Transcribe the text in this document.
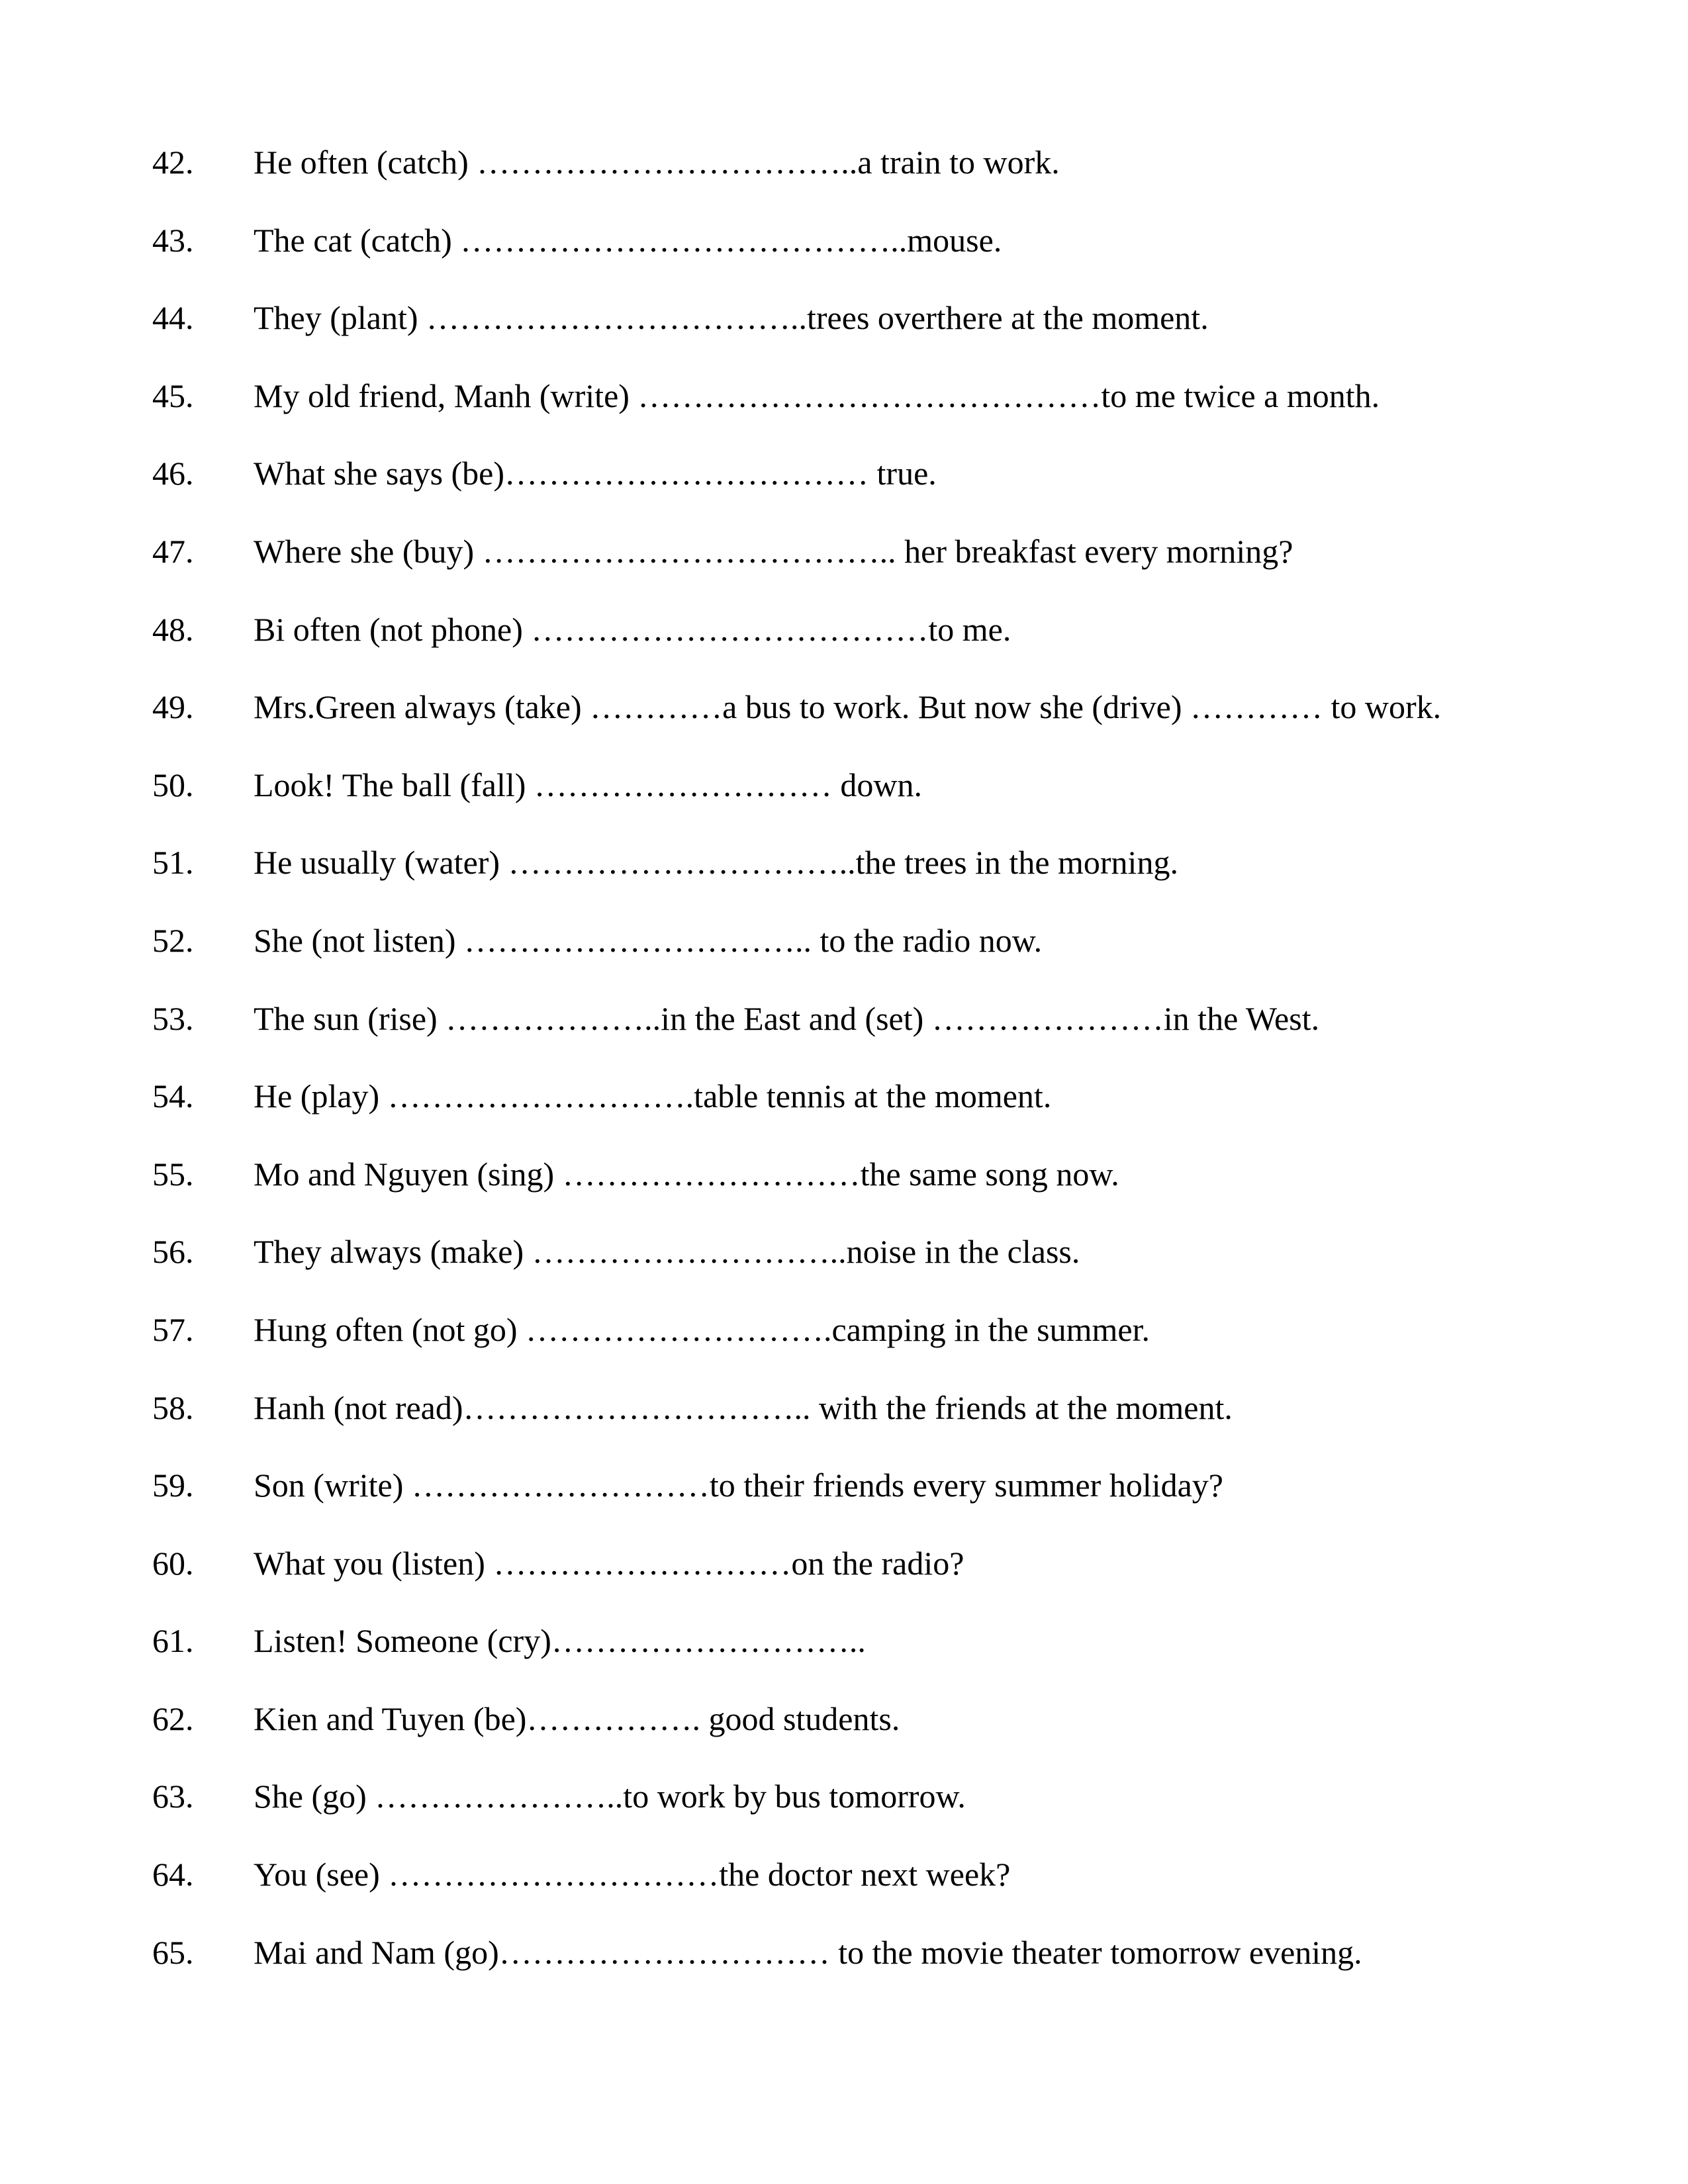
42. He often (catch) ……………………………..a train to work.
43. The cat (catch) …………………………………..mouse.
44. They (plant) ……………………………..trees overthere at the moment.
45. My old friend, Manh (write) ……………………………………to me twice a month.
46. What she says (be)…………………………… true.
47. Where she (buy) ……………………………….. her breakfast every morning?
48. Bi often (not phone) ………………………………to me.
49. Mrs.Green always (take) …………a bus to work. But now she (drive) ………… to work.
50. Look! The ball (fall) ……………………… down.
51. He usually (water) …………………………..the trees in the morning.
52. She (not listen) ………………………….. to the radio now.
53. The sun (rise) ………………..in the East and (set) …………………in the West.
54. He (play) ……………………….table tennis at the moment.
55. Mo and Nguyen (sing) ………………………the same song now.
56. They always (make) ………………………..noise in the class.
57. Hung often (not go) ……………………….camping in the summer.
58. Hanh (not read)………………………….. with the friends at the moment.
59. Son (write) ………………………to their friends every summer holiday?
60. What you (listen) ………………………on the radio?
61. Listen! Someone (cry)………………………..
62. Kien and Tuyen (be)……………. good students.
63. She (go) …………………..to work by bus tomorrow.
64. You (see) …………………………the doctor next week?
65. Mai and Nam (go)………………………… to the movie theater tomorrow evening.
